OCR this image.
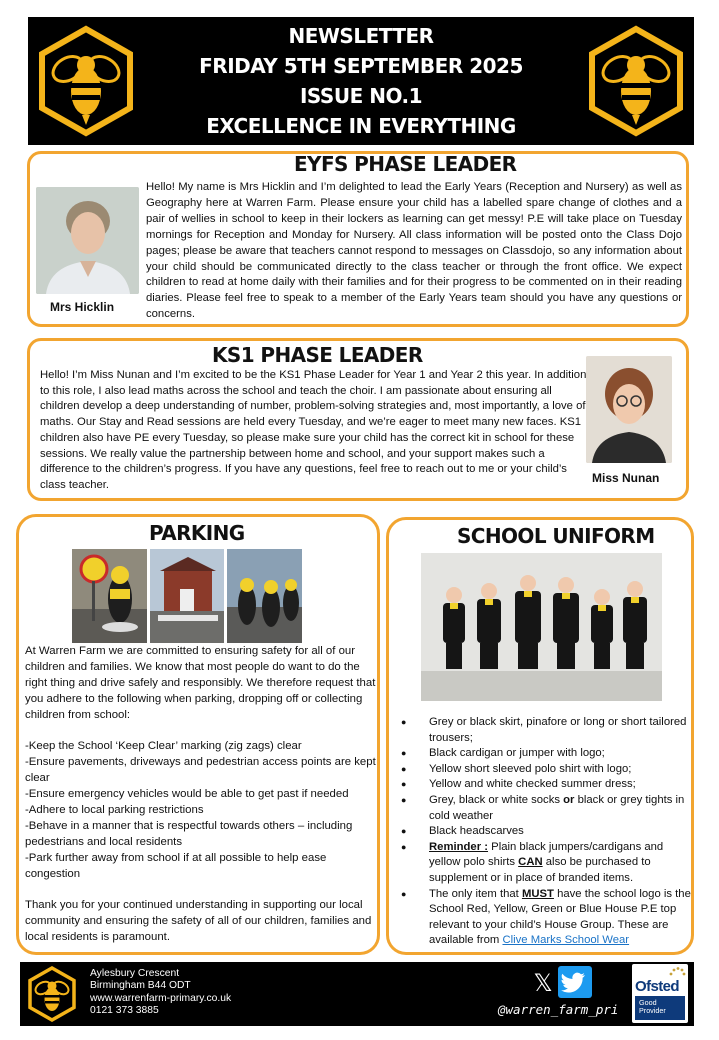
NEWSLETTER
FRIDAY 5TH SEPTEMBER 2025
ISSUE NO.1
EXCELLENCE IN EVERYTHING
EYFS PHASE LEADER
Mrs Hicklin

Hello! My name is Mrs Hicklin and I’m delighted to lead the Early Years (Reception and Nursery) as well as Geography here at Warren Farm. Please ensure your child has a labelled spare change of clothes and a pair of wellies in school to keep in their lockers as learning can get messy! P.E will take place on Tuesday mornings for Reception and Monday for Nursery. All class information will be posted onto the Class Dojo pages; please be aware that teachers cannot respond to messages on Classdojo, so any information about your child should be communicated directly to the class teacher or through the front office. We expect children to read at home daily with their families and for their progress to be commented on in their reading diaries. Please feel free to speak to a member of the Early Years team should you have any questions or concerns.

KS1 PHASE LEADER

Hello! I’m Miss Nunan and I’m excited to be the KS1 Phase Leader for Year 1 and Year 2 this year. In addition to this role, I also lead maths across the school and teach the choir. I am passionate about ensuring all children develop a deep understanding of number, problem-solving strategies and, most importantly, a love of maths. Our Stay and Read sessions are held every Tuesday, and we’re eager to meet many new faces. KS1 children also have PE every Tuesday, so please make sure your child has the correct kit in school for these sessions. We really value the partnership between home and school, and your support makes such a difference to the children’s progress. If you have any questions, feel free to reach out to me or your child’s class teacher.	Miss Nunan
PARKING

At Warren Farm we are committed to ensuring safety for all of our children and families. We know that most people do want to do the right thing and drive safely and responsibly. We therefore request that you adhere to the following when parking, dropping off or collecting children from school:

-Keep the School ‘Keep Clear’ marking (zig zags) clear

-Ensure pavements, driveways and pedestrian access points are kept clear

-Ensure emergency vehicles would be able to get past if needed

-Adhere to local parking restrictions

-Behave in a manner that is respectful towards others – including pedestrians and local residents

-Park further away from school if at all possible to help ease congestion

Thank you for your continued understanding in supporting our local community and ensuring the safety of all of our children, families and local residents is paramount.

SCHOOL UNIFORM
● Grey or black skirt, pinafore or long or short tailored trousers;
● Black cardigan or jumper with logo;
● Yellow short sleeved polo shirt with logo;
● Yellow and white checked summer dress;
● Grey, black or white socks or black or grey tights in cold weather
● Black headscarves
● Reminder : Plain black jumpers/cardigans and yellow polo shirts CAN also be purchased to supplement or in place of branded items.
● The only item that MUST have the school logo is the School Red, Yellow, Green or Blue House P.E top relevant to your child’s House Group. These are available from Clive Marks School Wear
Aylesbury Crescent
Birmingham B44 ODT
www.warrenfarm-primary.co.uk
0121 373 3885
𝕏
@warren_farm_pri
Ofsted
Good
Provider
